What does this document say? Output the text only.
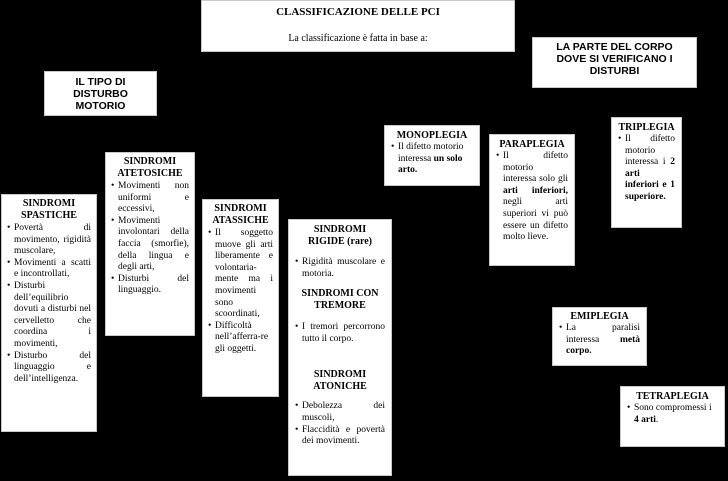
CLASSIFICAZIONE DELLE PCI
La classificazione è fatta in base a:
IL TIPO DI DISTURBO MOTORIO
LA PARTE DEL CORPO DOVE SI VERIFICANO I DISTURBI
SINDROMI SPASTICHE
• Povertà di movimento, rigidità muscolare,
• Movimenti a scatti e incontrollati,
• Disturbi dell’equilibrio dovuti a disturbi nel cervelletto che coordina i movimenti,
• Disturbo del linguaggio e dell’intelligenza.
SINDROMI ATETOSICHE
• Movimenti non uniformi e eccessivi,
• Movimenti involontari della faccia (smorfie), della lingua e degli arti,
• Disturbi del linguaggio.
SINDROMI ATASSICHE
• Il soggetto muove gli arti liberamente e volontaria-mente ma i movimenti sono scoordinati,
• Difficoltà nell’afferra-re gli oggetti.
SINDROMI RIGIDE (rare)
• Rigidità muscolare e motoria.
SINDROMI CON TREMORE
• I tremori percorrono tutto il corpo.
SINDROMI ATONICHE
• Debolezza dei muscoli,
• Flaccidità e povertà dei movimenti.
MONOPLEGIA
• Il difetto motorio interessa un solo arto.
PARAPLEGIA
• Il difetto motorio interessa solo gli arti inferiori, negli arti superiori vi può essere un difetto molto lieve.
TRIPLEGIA
• Il difetto motorio interessa i 2 arti inferiori e 1 superiore.
EMIPLEGIA
• La paralisi interessa metà corpo.
TETRAPLEGIA
• Sono compromessi i 4 arti.
